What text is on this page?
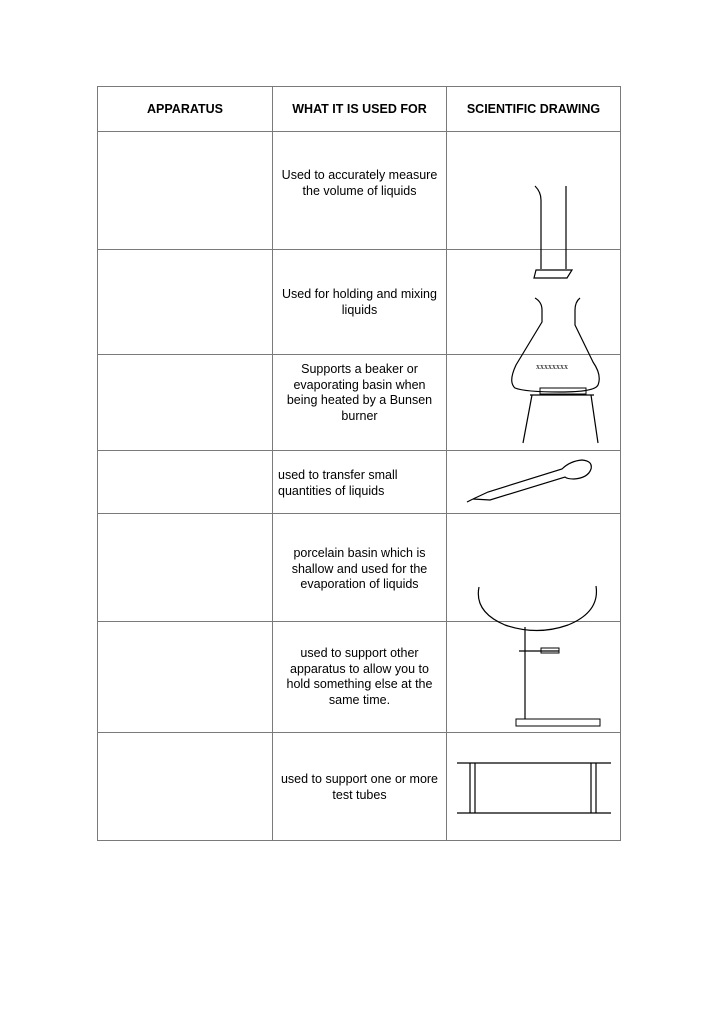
APPARATUS	WHAT IT IS USED FOR	SCIENTIFIC DRAWING

	Used to accurately measure the volume of liquids	

	Used for holding and mixing liquids	

	Supports a beaker or evaporating basin when being heated by a Bunsen burner	

	used to transfer small quantities of liquids	

	porcelain basin which is shallow and used for the evaporation of liquids	

	used to support other apparatus to allow you to hold something else at the same time.	

	used to support one or more test tubes	

xxxxxxxx
